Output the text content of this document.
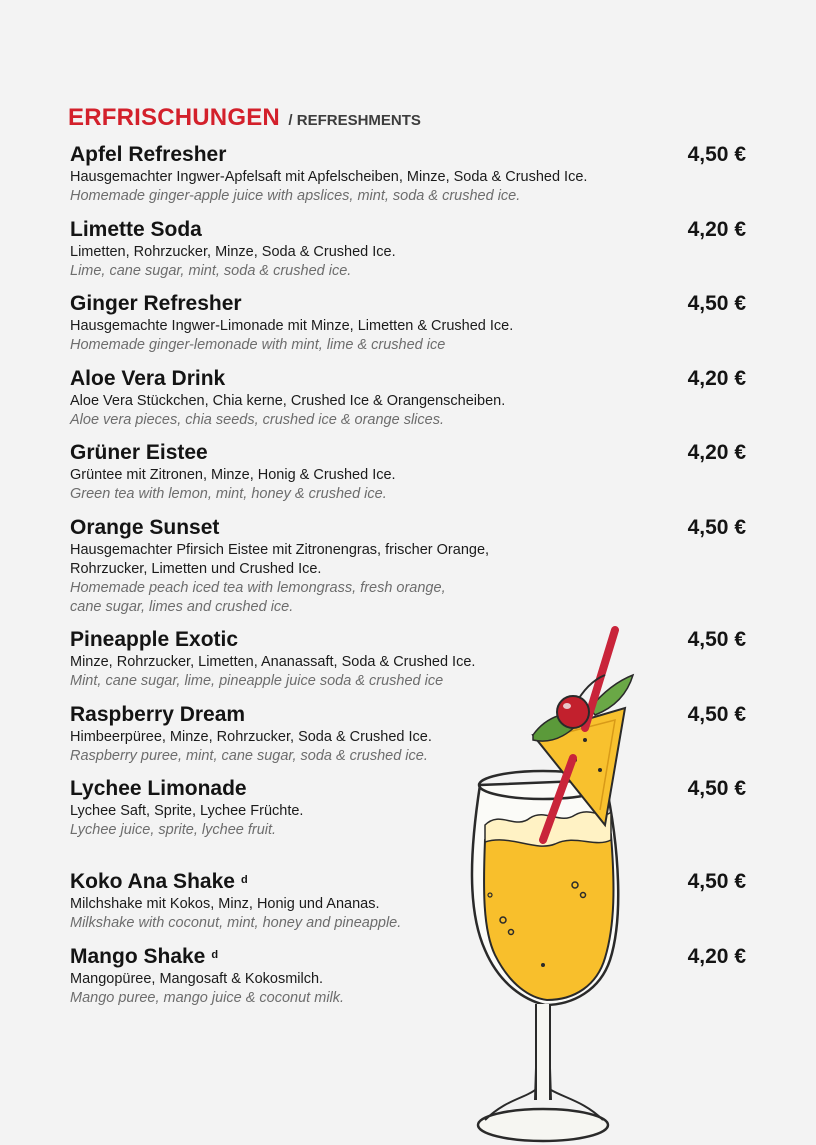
ERFRISCHUNGEN / REFRESHMENTS
Apfel Refresher	4,50 €
Hausgemachter Ingwer-Apfelsaft mit Apfelscheiben, Minze, Soda & Crushed Ice.
Homemade ginger-apple juice with apslices, mint, soda & crushed ice.
Limette Soda	4,20 €
Limetten, Rohrzucker, Minze, Soda & Crushed Ice.
Lime, cane sugar, mint, soda & crushed ice.
Ginger Refresher	4,50 €
Hausgemachte Ingwer-Limonade mit Minze, Limetten & Crushed Ice.
Homemade ginger-lemonade with mint, lime & crushed ice
Aloe Vera Drink	4,20 €
Aloe Vera Stückchen, Chia kerne, Crushed Ice & Orangenscheiben.
Aloe vera pieces, chia seeds, crushed ice & orange slices.
Grüner Eistee	4,20 €
Grüntee mit Zitronen, Minze, Honig & Crushed Ice.
Green tea with lemon, mint, honey & crushed ice.
Orange Sunset	4,50 €
Hausgemachter Pfirsich Eistee mit Zitronengras, frischer Orange,
Rohrzucker, Limetten und Crushed Ice.
Homemade peach iced tea with lemongrass, fresh orange,
cane sugar, limes and crushed ice.
Pineapple Exotic	4,50 €
Minze, Rohrzucker, Limetten, Ananassaft, Soda & Crushed Ice.
Mint, cane sugar, lime, pineapple juice soda & crushed ice
Raspberry Dream	4,50 €
Himbeerpüree, Minze, Rohrzucker, Soda & Crushed Ice.
Raspberry puree, mint, cane sugar, soda & crushed ice.
Lychee Limonade	4,50 €
Lychee Saft, Sprite, Lychee Früchte.
Lychee juice, sprite, lychee fruit.
Koko Ana Shake $^d$	4,50 €
Milchshake mit Kokos, Minz, Honig und Ananas.
Milkshake with coconut, mint, honey and pineapple.
Mango Shake $^d$	4,20 €
Mangopüree, Mangosaft & Kokosmilch.
Mango puree, mango juice & coconut milk.
